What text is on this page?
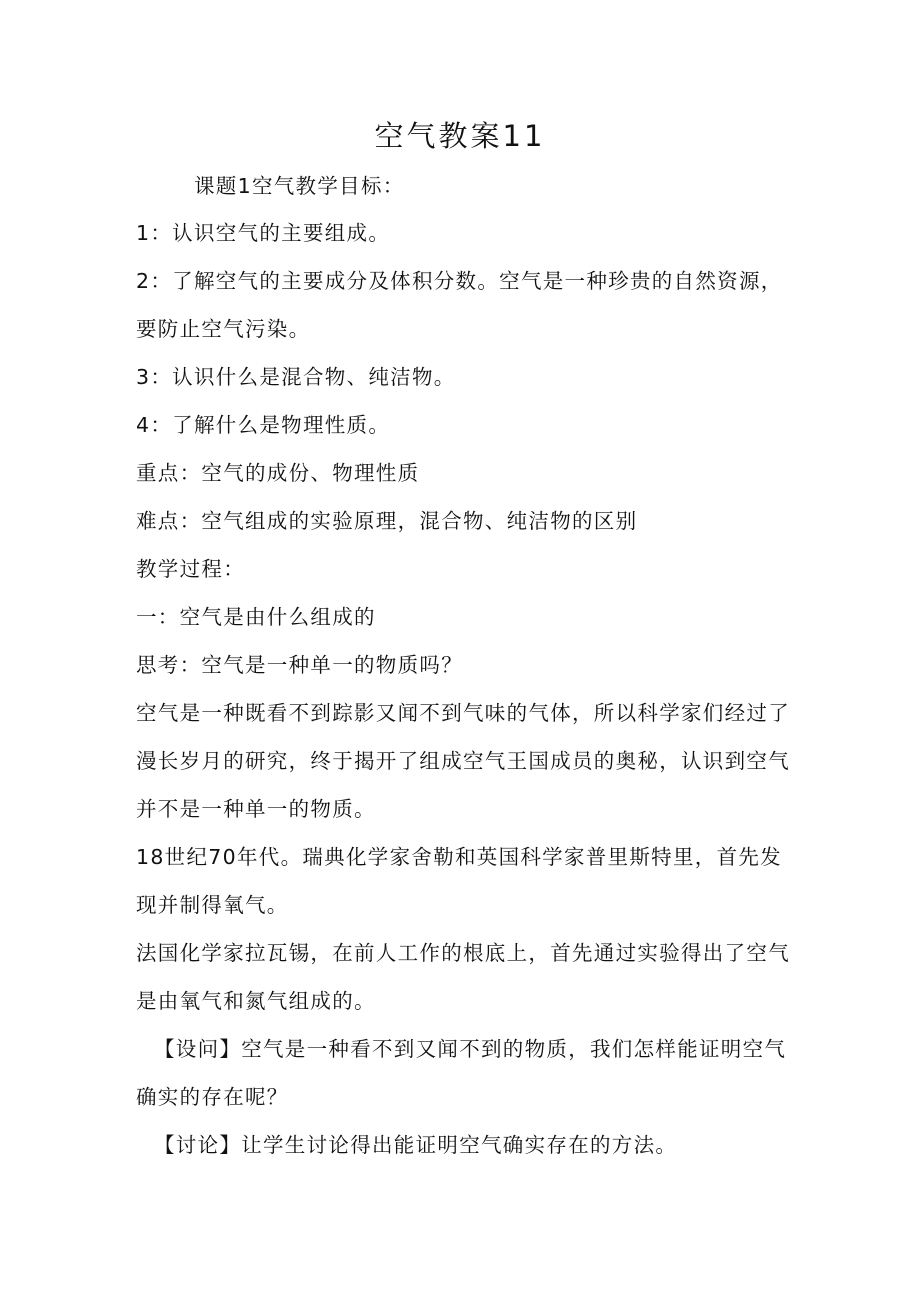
空气教案11
课题1空气教学目标：
1：认识空气的主要组成。
2：了解空气的主要成分及体积分数。空气是一种珍贵的自然资源，
要防止空气污染。
3：认识什么是混合物、纯洁物。
4：了解什么是物理性质。
重点：空气的成份、物理性质
难点：空气组成的实验原理，混合物、纯洁物的区别
教学过程：
一：空气是由什么组成的
思考：空气是一种单一的物质吗？
空气是一种既看不到踪影又闻不到气味的气体，所以科学家们经过了
漫长岁月的研究，终于揭开了组成空气王国成员的奥秘，认识到空气
并不是一种单一的物质。
18世纪70年代。瑞典化学家舍勒和英国科学家普里斯特里，首先发
现并制得氧气。
法国化学家拉瓦锡，在前人工作的根底上，首先通过实验得出了空气
是由氧气和氮气组成的。
【设问】空气是一种看不到又闻不到的物质，我们怎样能证明空气
确实的存在呢？
【讨论】让学生讨论得出能证明空气确实存在的方法。
